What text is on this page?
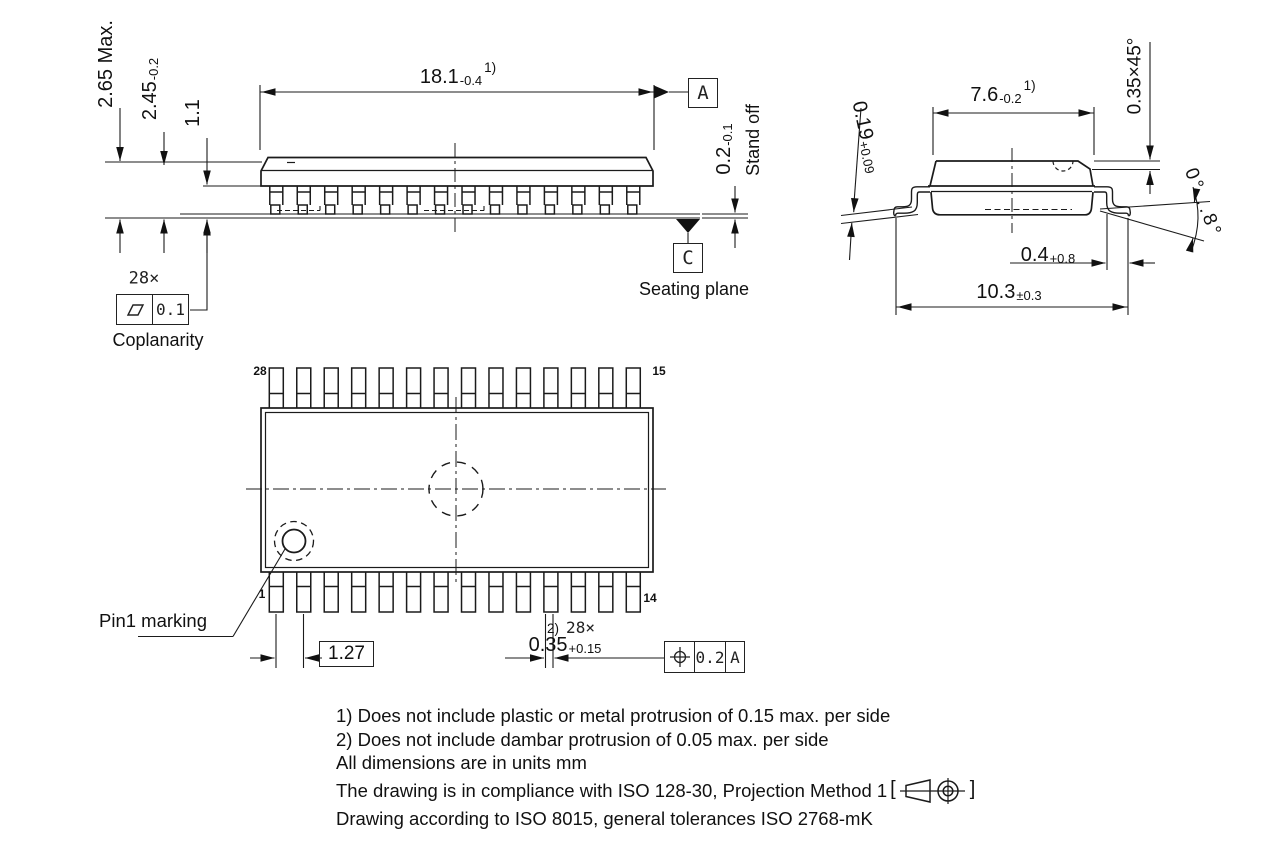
2.65 Max. 2.45-0.2
1.1
18.1-0.4$^{1)}$
A
0.2-0.1 Stand off
C
Seating plane
28×
0.1
Coplanarity
7.6-0.2$^{1)}$	0.35×45°
0.19+0.09
0.4+0.8
10.3±0.3
0°...8°
28	15
1	14
Pin1 marking
1.27
2) 28×
0.35+0.15	0.2 A
1) Does not include plastic or metal protrusion of 0.15 max. per side
2) Does not include dambar protrusion of 0.05 max. per side
All dimensions are in units mm
The drawing is in compliance with ISO 128-30, Projection Method 1 [	]
Drawing according to ISO 8015, general tolerances ISO 2768-mK
